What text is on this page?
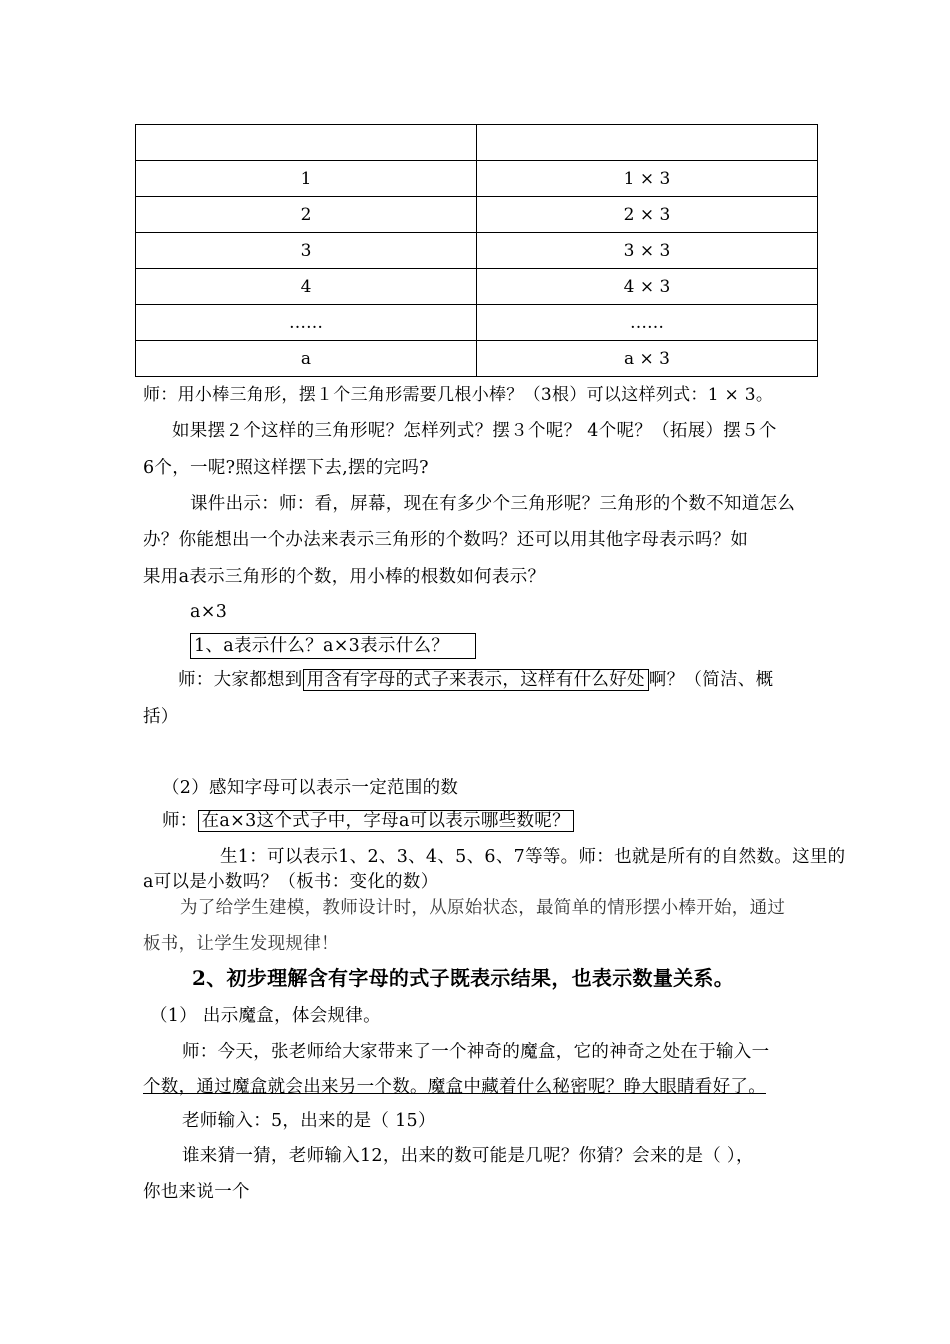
1	1 × 3
2	2 × 3
3	3 × 3
4	4 × 3
……	……
a	a × 3
师：用小棒三角形，摆１个三角形需要几根小棒？（3根）可以这样列式：1 × 3。
如果摆２个这样的三角形呢？怎样列式？摆３个呢？ 4个呢？（拓展）摆５个
6个，一呢?照这样摆下去,摆的完吗?
课件出示：师：看，屏幕，现在有多少个三角形呢？三角形的个数不知道怎么
办？你能想出一个办法来表示三角形的个数吗？还可以用其他字母表示吗？如
果用a表示三角形的个数，用小棒的根数如何表示？
a×3
1、a表示什么？a×3表示什么？
师：大家都想到 用含有字母的式子来表示，这样有什么好处 啊？（简洁、概
括）
（2）感知字母可以表示一定范围的数
师： 在a×3这个式子中，字母a可以表示哪些数呢？
生1：可以表示1、2、3、4、5、6、7等等。师：也就是所有的自然数。这里的
a可以是小数吗？（板书：变化的数）
为了给学生建模，教师设计时，从原始状态，最简单的情形摆小棒开始，通过
板书，让学生发现规律！
2、初步理解含有字母的式子既表示结果，也表示数量关系。
（1） 出示魔盒，体会规律。
师：今天，张老师给大家带来了一个神奇的魔盒，它的神奇之处在于输入一
个数，通过魔盒就会出来另一个数。魔盒中藏着什么秘密呢？睁大眼睛看好了。
老师输入：5，出来的是（ 15）
谁来猜一猜，老师输入12，出来的数可能是几呢？你猜？会来的是（ ），
你也来说一个
